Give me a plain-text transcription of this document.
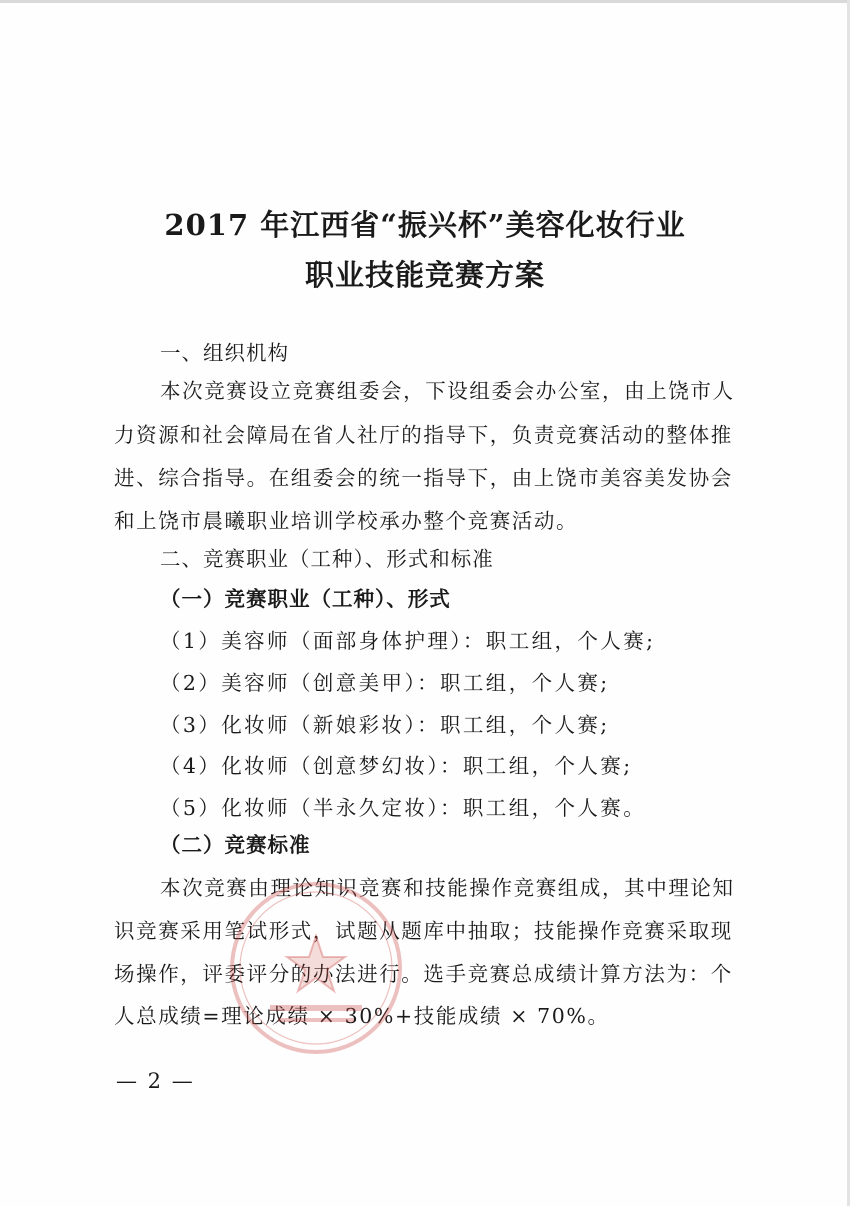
2017 年江西省“振兴杯”美容化妆行业
职业技能竞赛方案
一、组织机构
本次竞赛设立竞赛组委会，下设组委会办公室，由上饶市人
力资源和社会障局在省人社厅的指导下，负责竞赛活动的整体推
进、综合指导。在组委会的统一指导下，由上饶市美容美发协会
和上饶市晨曦职业培训学校承办整个竞赛活动。
二、竞赛职业（工种）、形式和标准
（一）竞赛职业（工种）、形式
（1）美容师（面部身体护理）：职工组，个人赛;
（2）美容师（创意美甲）：职工组，个人赛;
（3）化妆师（新娘彩妆）：职工组，个人赛;
（4）化妆师（创意梦幻妆）：职工组，个人赛;
（5）化妆师（半永久定妆）：职工组，个人赛。
（二）竞赛标准
本次竞赛由理论知识竞赛和技能操作竞赛组成，其中理论知
识竞赛采用笔试形式，试题从题库中抽取；技能操作竞赛采取现
场操作，评委评分的办法进行。选手竞赛总成绩计算方法为：个
人总成绩=理论成绩 × 30%+技能成绩 × 70%。
— 2 —
